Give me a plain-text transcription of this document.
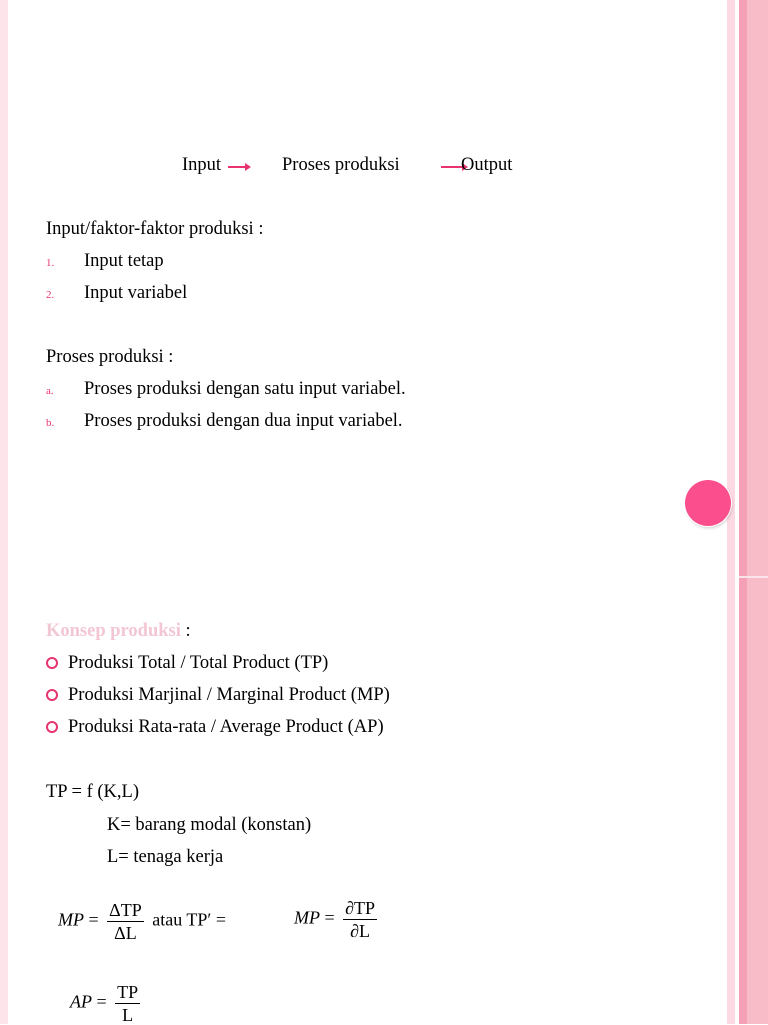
Input	Proses produksi	Output
Input/faktor-faktor produksi :
1. Input tetap
2. Input variabel
Proses produksi :
a. Proses produksi dengan satu input variabel.
b. Proses produksi dengan dua input variabel.
Konsep produksi :
Produksi Total / Total Product (TP)
Produksi Marjinal / Marginal Product (MP)
Produksi Rata-rata / Average Product (AP)
TP = f (K,L)
K= barang modal (konstan)
L= tenaga kerja
MP = $\frac{\text{ΔTP}}{\Delta L}$ atau TP′ =	MP = $\frac{\partial TP}{\partial L}$
AP = $\frac{TP}{L}$
